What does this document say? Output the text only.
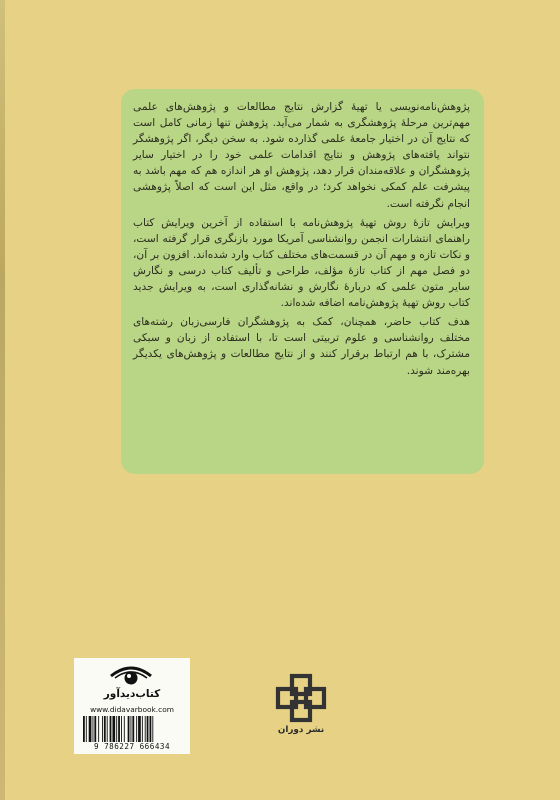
پژوهش‌نامه‌نویسی یا تهیهٔ گزارش نتایج مطالعات و پژوهش‌های علمی مهم‌ترین مرحلهٔ پژوهشگری به شمار می‌آید. پژوهش تنها زمانی کامل است که نتایج آن در اختیار جامعهٔ علمی گذارده شود. به سخن دیگر، اگر پژوهشگر نتواند یافته‌های پژوهش و نتایج اقدامات علمی خود را در اختیار سایر پژوهشگران و علاقه‌مندان قرار دهد، پژوهش او هر اندازه هم که مهم باشد به پیشرفت علم کمکی نخواهد کرد؛ در واقع، مثل این است که اصلاً پژوهشی انجام نگرفته است.

ویرایش تازهٔ روش تهیهٔ پژوهش‌نامه با استفاده از آخرین ویرایش کتاب راهنمای انتشارات انجمن روانشناسی آمریکا مورد بازنگری قرار گرفته است، و نکات تازه و مهم آن در قسمت‌های مختلف کتاب وارد شده‌اند. افزون بر آن، دو فصل مهم از کتاب تازهٔ مؤلف، طراحی و تألیف کتاب درسی و نگارش سایر متون علمی که دربارهٔ نگارش و نشانه‌گذاری است، به ویرایش جدید کتاب روش تهیهٔ پژوهش‌نامه اضافه شده‌اند.

هدف کتاب حاضر، همچنان، کمک به پژوهشگران فارسی‌زبان رشته‌های مختلف روانشناسی و علوم تربیتی است تا، با استفاده از زبان و سبکی مشترک، با هم ارتباط برقرار کنند و از نتایج مطالعات و پژوهش‌های یکدیگر بهره‌مند شوند.

کتاب‌دیدآور
www.didavarbook.com
9 786227 666434
نشر دوران
